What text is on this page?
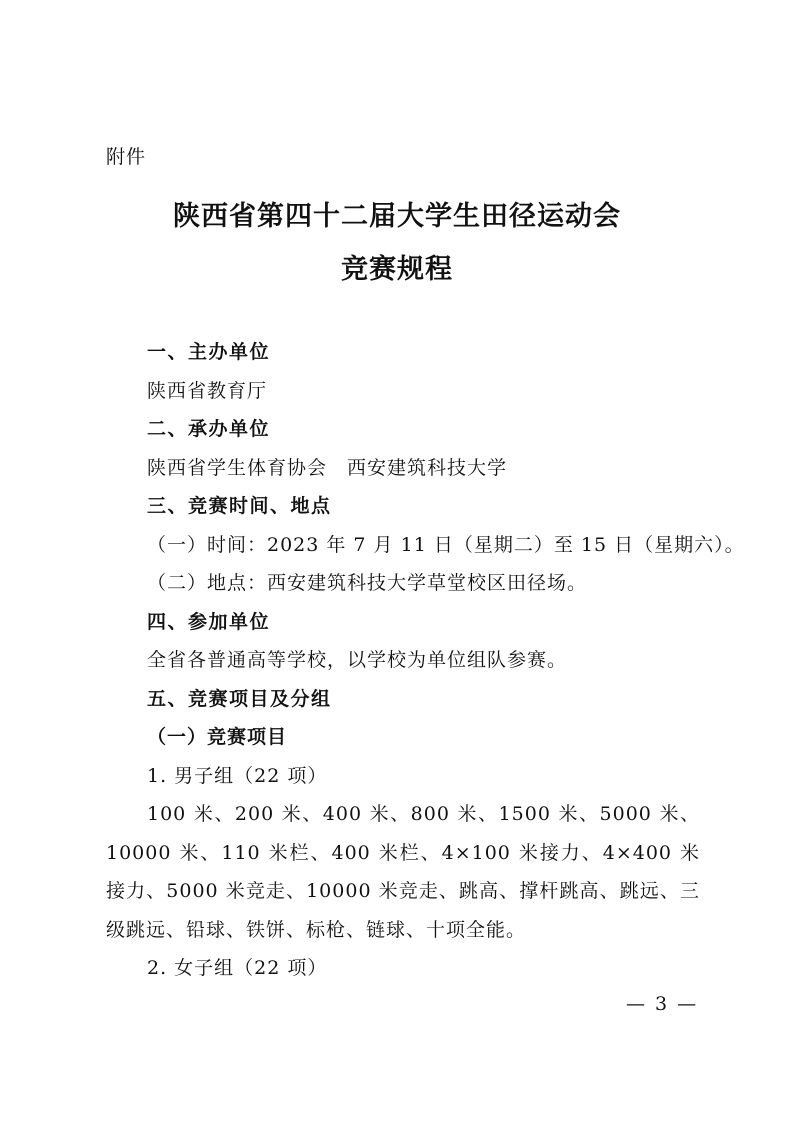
附件
陕西省第四十二届大学生田径运动会
竞赛规程
一、主办单位
陕西省教育厅
二、承办单位
陕西省学生体育协会　西安建筑科技大学
三、竞赛时间、地点
（一）时间：2023 年 7 月 11 日（星期二）至 15 日（星期六）。
（二）地点：西安建筑科技大学草堂校区田径场。
四、参加单位
全省各普通高等学校，以学校为单位组队参赛。
五、竞赛项目及分组
（一）竞赛项目
1. 男子组（22 项）
100 米、200 米、400 米、800 米、1500 米、5000 米、10000 米、110 米栏、400 米栏、4×100 米接力、4×400 米接力、5000 米竞走、10000 米竞走、跳高、撑杆跳高、跳远、三级跳远、铅球、铁饼、标枪、链球、十项全能。
2. 女子组（22 项）
— 3 —
